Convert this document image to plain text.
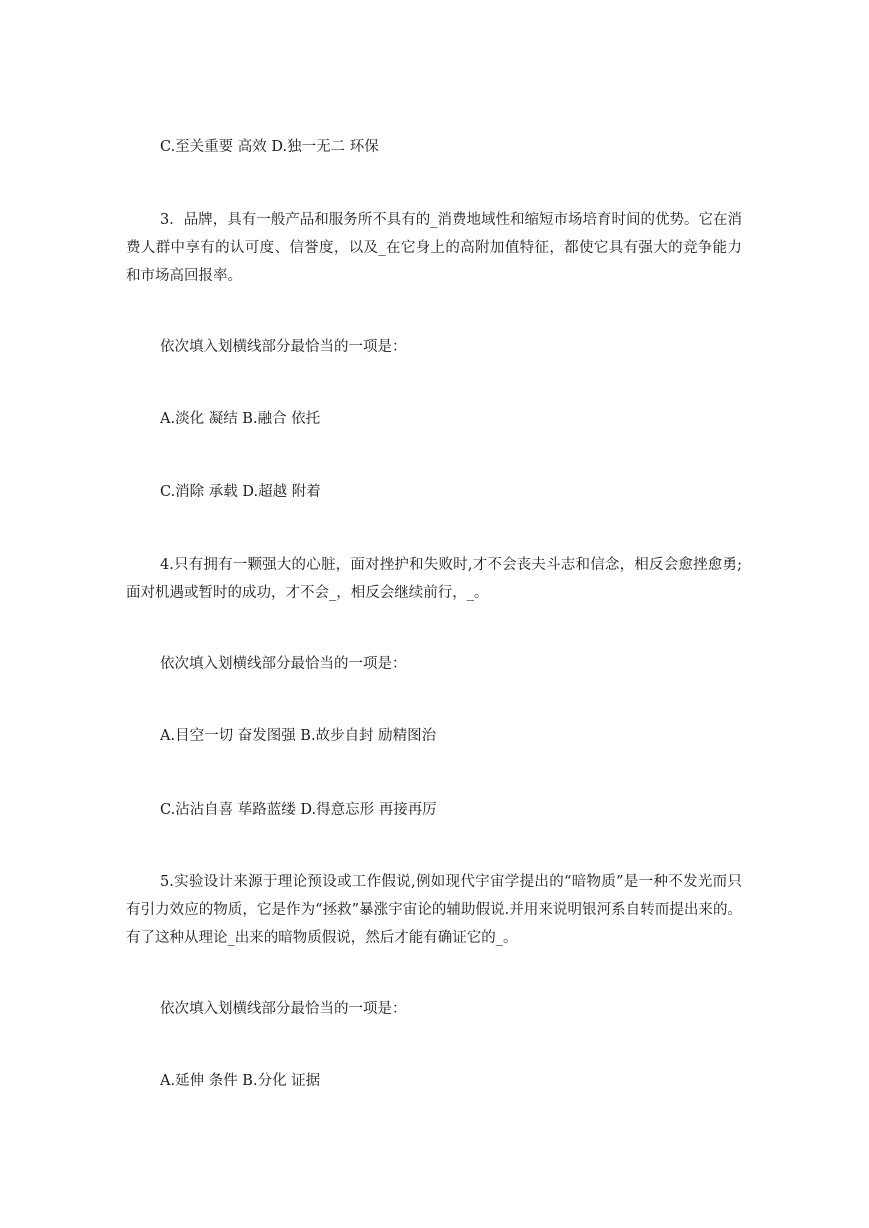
C.至关重要 高效 D.独一无二 环保
3．品牌，具有一般产品和服务所不具有的_消费地域性和缩短市场培育时间的优势。它在消费人群中享有的认可度、信誉度，以及_在它身上的高附加值特征，都使它具有强大的竞争能力和市场高回报率。
依次填入划横线部分最恰当的一项是：
A.淡化 凝结 B.融合 依托
C.消除 承载 D.超越 附着
4.只有拥有一颗强大的心脏，面对挫护和失败时,才不会丧夫斗志和信念，相反会愈挫愈勇;面对机遇或暂时的成功，才不会_，相反会继续前行，_。
依次填入划横线部分最恰当的一项是：
A.目空一切 奋发图强 B.故步自封 励精图治
C.沾沾自喜 荜路蓝缕 D.得意忘形 再接再厉
5.实验设计来源于理论预设或工作假说,例如现代宇宙学提出的“暗物质”是一种不发光而只有引力效应的物质，它是作为“拯救”暴涨宇宙论的辅助假说.并用来说明银河系自转而提出来的。有了这种从理论_出来的暗物质假说，然后才能有确证它的_。
依次填入划横线部分最恰当的一项是：
A.延伸 条件 B.分化 证据
